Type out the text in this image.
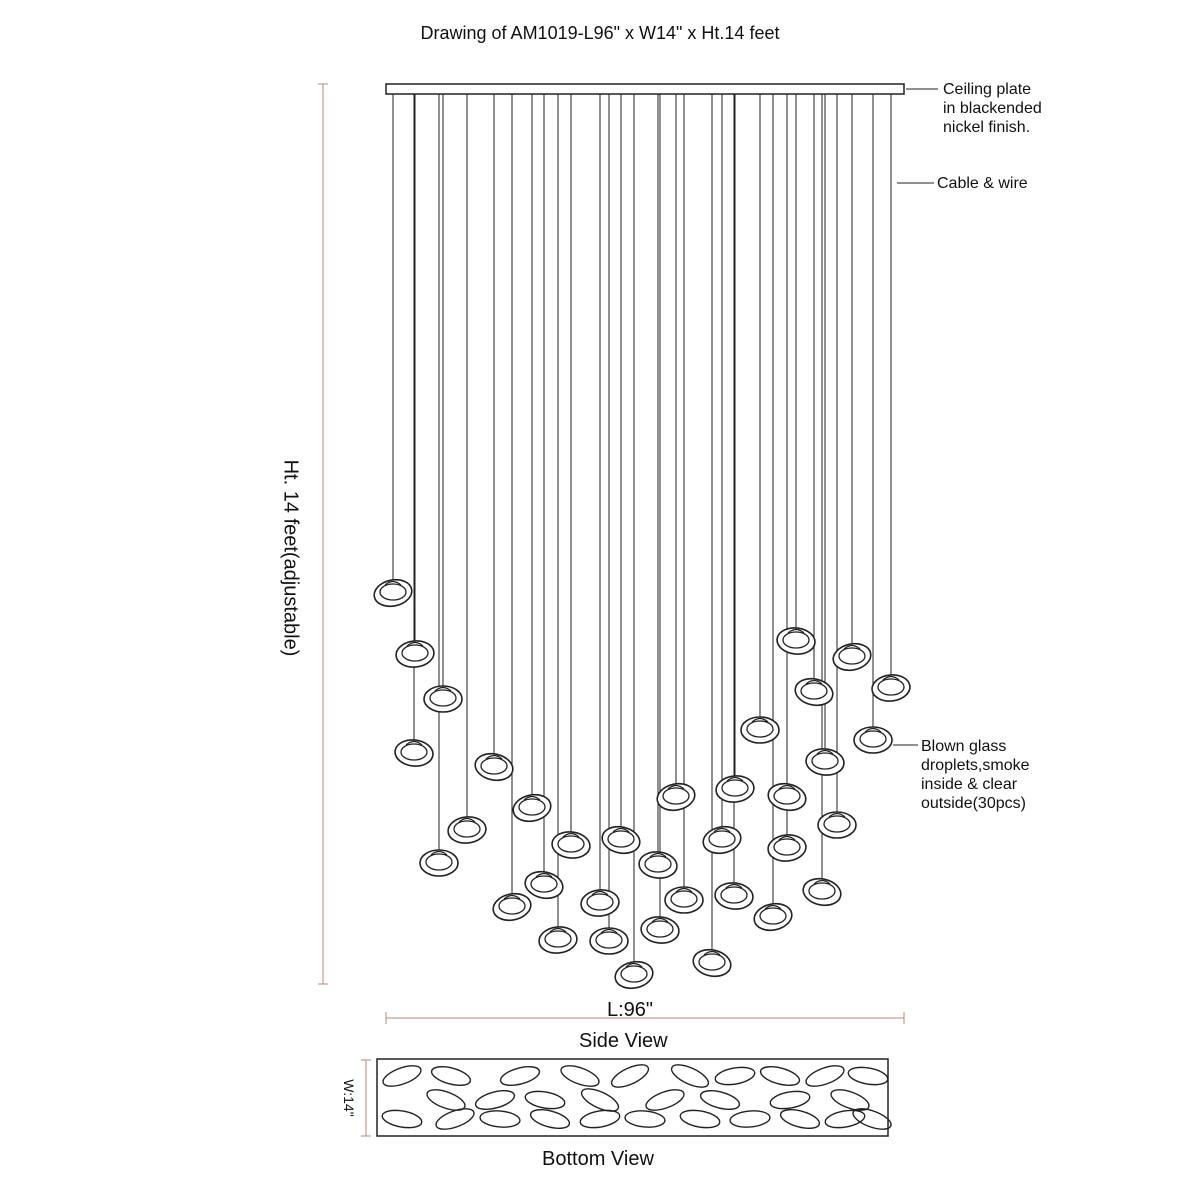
Drawing of AM1019-L96" x W14" x Ht.14 feet
Ceiling plate
in blackended
nickel finish.
Cable & wire
Blown glass
droplets,smoke
inside & clear
outside(30pcs)
Ht. 14 feet(adjustable)
L:96"
Side View
W:14"
Bottom View
